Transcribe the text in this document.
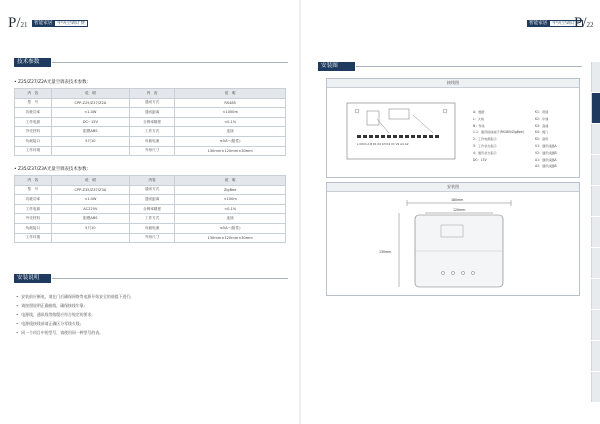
P/21	智能家居	中央空调计费
技术参数
• Z25/Z27/Z2A光量空调表技术参数:
内　容	说　明	内　容	说　明
型　号	CPP-Z25/Z27/Z2A	通讯方式	RS485
功耗功率	<1.0W	通讯距离	<1000m
工作电源	DC~15V	分辨率精度	<0.1%
外壳材料	阻燃ABS	工作方式	连续
负载接口	5只10	负载电流	≤5A~(阻性)
工作环境	　	外形尺寸	130mm×120mm×30mm
• Z35/Z37/Z3A光量空调表技术参数:
内　容	说　明	内容	说　明
型　号	CPP-Z35/Z37/Z3A	通讯方式	ZigBee
功耗功率	<1.0W	通讯距离	<100m
工作电源	AC220V	分辨率精度	<0.1%
外壳材料	阻燃ABS	工作方式	连续
负载接口	5只10	负载电流	≤5A~(阻性)
工作环境	　	外形尺寸	130mm×120mm×30mm
安装说明
• 安装前应断电，请在门后确保网络等电源开始安全的前提下进行;
• 请按照说明正确接线，确保接线牢靠;
• 电源线，通讯线等线缆应符合规定的要求;
• 电源线接线前请正确区分零线火线;
• 同一个项目中的型号，请使用同一种型号的表。
智能家居	中央空调计费
P/22
安装图
接线图
L N DC A B K1 K2 K3 K4 V1 V2 A1 A2
A：数据
L：火线
N：零线
1.1：通讯接线端子(RS485/ZigBee)
2：工作电源指示
3：工作状态指示
4：通讯状态指示
DC：15V
K1：低速
K2：中速
K3：高速
K4：阀门
K5：备用
V1：通讯线路A
V2：通讯线路B
A1：通讯线路A
A2：通讯线路B
安装图
180mm
120mm
130mm
